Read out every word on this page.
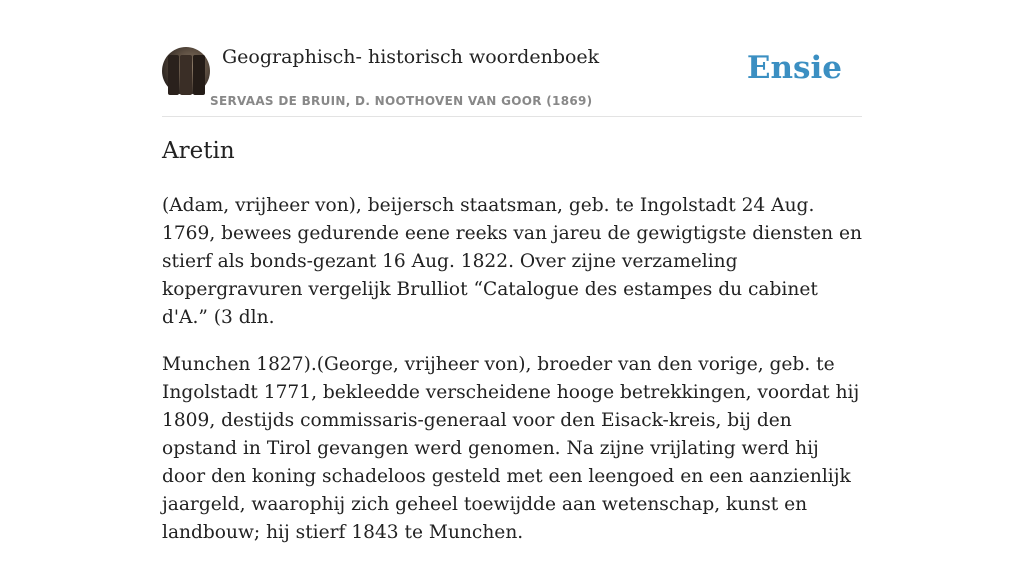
Geographisch- historisch woordenboek
SERVAAS DE BRUIN, D. NOOTHOVEN VAN GOOR (1869)
Ensie
Aretin

(Adam, vrijheer von), beijersch staatsman, geb. te Ingolstadt 24 Aug. 1769, bewees gedurende eene reeks van jareu de gewigtigste diensten en stierf als bonds-gezant 16 Aug. 1822. Over zijne verzameling kopergravuren vergelijk Brulliot “Catalogue des estampes du cabinet d'A.” (3 dln.

Munchen 1827).(George, vrijheer von), broeder van den vorige, geb. te Ingolstadt 1771, bekleedde verscheidene hooge betrekkingen, voordat hij 1809, destijds commissaris-generaal voor den Eisack-kreis, bij den opstand in Tirol gevangen werd genomen. Na zijne vrijlating werd hij door den koning schadeloos gesteld met een leengoed en een aanzienlijk jaargeld, waarophij zich geheel toewijdde aan wetenschap, kunst en landbouw; hij stierf 1843 te Munchen.
